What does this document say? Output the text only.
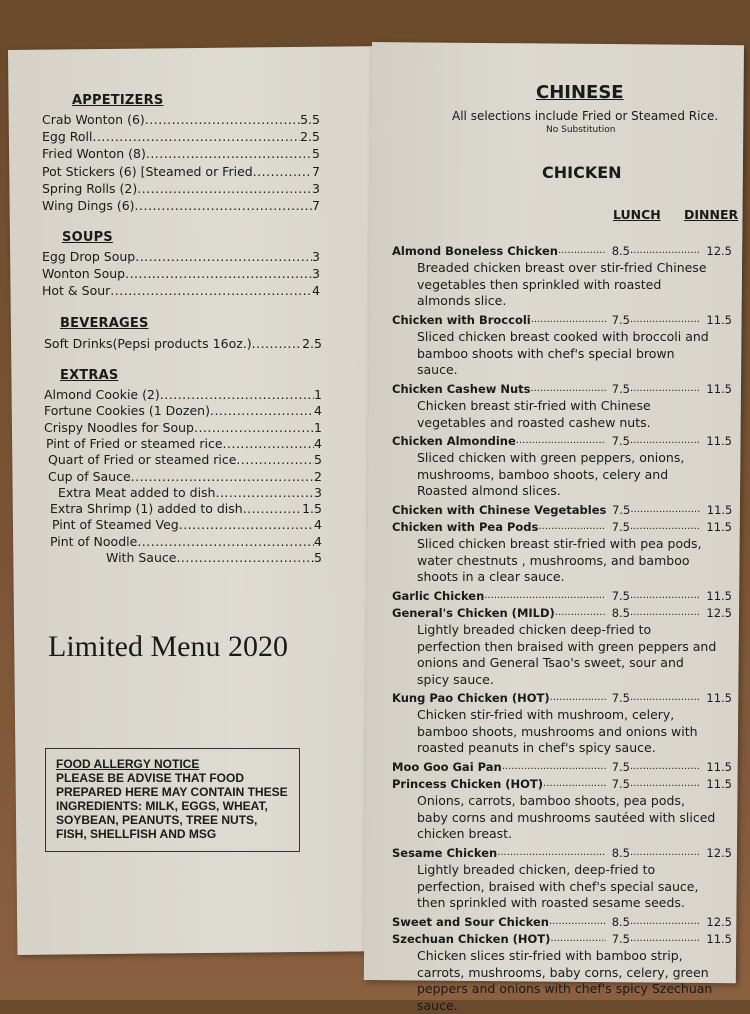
APPETIZERS
Crab Wonton (6) .....	5.5
Egg Roll .....	2.5
Fried Wonton (8) .....	5
Pot Stickers (6) [Steamed or Fried .....	7
Spring Rolls (2) .....	3
Wing Dings (6) .....	7
SOUPS
Egg Drop Soup .....	3
Wonton Soup .....	3
Hot & Sour .....	4
BEVERAGES
Soft Drinks(Pepsi products 16oz.) .....	2.5
EXTRAS
Almond Cookie (2) .....	1
Fortune Cookies (1 Dozen) .....	4
Crispy Noodles for Soup .....	1
Pint of Fried or steamed rice .....	4
Quart of Fried or steamed rice .....	5
Cup of Sauce .....	2
Extra Meat added to dish .....	3
Extra Shrimp (1) added to dish .....	1.5
Pint of Steamed Veg .....	4
Pint of Noodle .....	4
With Sauce .....	5
Limited Menu 2020
FOOD ALLERGY NOTICE
PLEASE BE ADVISE THAT FOOD PREPARED HERE MAY CONTAIN THESE INGREDIENTS: MILK, EGGS, WHEAT, SOYBEAN, PEANUTS, TREE NUTS, FISH, SHELLFISH AND MSG
CHINESE
All selections include Fried or Steamed Rice.
No Substitution
CHICKEN
LUNCH DINNER
Almond Boneless Chicken .....	8.5 .....	12.5
Breaded chicken breast over stir-fried Chinese vegetables then sprinkled with roasted almonds slice.
Chicken with Broccoli .....	7.5 .....	11.5
Sliced chicken breast cooked with broccoli and bamboo shoots with chef's special brown sauce.
Chicken Cashew Nuts .....	7.5 .....	11.5
Chicken breast stir-fried with Chinese vegetables and roasted cashew nuts.
Chicken Almondine .....	7.5 .....	11.5
Sliced chicken with green peppers, onions, mushrooms, bamboo shoots, celery and Roasted almond slices.
Chicken with Chinese Vegetables 7.5 .....	11.5
Chicken with Pea Pods .....	7.5 .....	11.5
Sliced chicken breast stir-fried with pea pods, water chestnuts , mushrooms, and bamboo shoots in a clear sauce.
Garlic Chicken .....	7.5 .....	11.5
General's Chicken (MILD) .....	8.5 .....	12.5
Lightly breaded chicken deep-fried to perfection then braised with green peppers and onions and General Tsao's sweet, sour and spicy sauce.
Kung Pao Chicken (HOT) .....	7.5 .....	11.5
Chicken stir-fried with mushroom, celery, bamboo shoots, mushrooms and onions with roasted peanuts in chef's spicy sauce.
Moo Goo Gai Pan .....	7.5 .....	11.5
Princess Chicken (HOT) .....	7.5 .....	11.5
Onions, carrots, bamboo shoots, pea pods, baby corns and mushrooms sautéed with sliced chicken breast.
Sesame Chicken .....	8.5 .....	12.5
Lightly breaded chicken, deep-fried to perfection, braised with chef's special sauce, then sprinkled with roasted sesame seeds.
Sweet and Sour Chicken .....	8.5 .....	12.5
Szechuan Chicken (HOT) .....	7.5 .....	11.5
Chicken slices stir-fried with bamboo strip, carrots, mushrooms, baby corns, celery, green peppers and onions with chef's spicy Szechuan sauce.
